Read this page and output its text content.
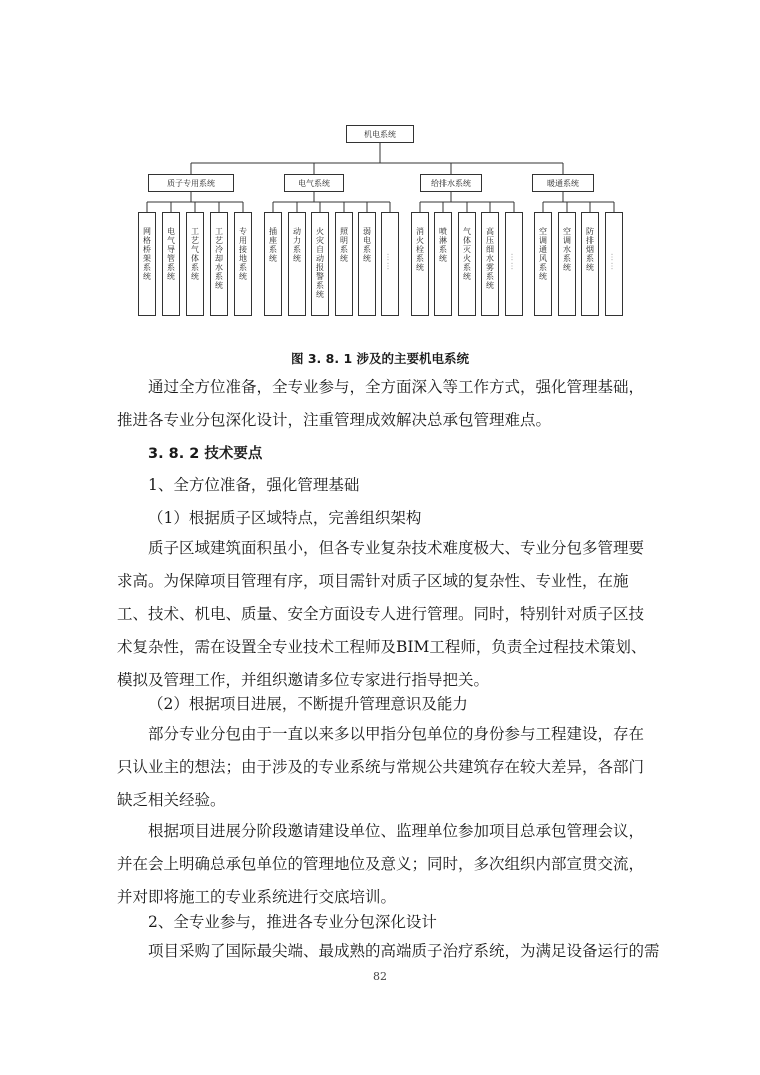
机电系统
质子专用系统	电气系统	给排水系统	暖通系统
网格桥架系统	电气导管系统	工艺气体系统	工艺冷却水系统	专用接地系统	插座系统	动力系统	火灾自动报警系统	照明系统	弱电系统	……	消火栓系统	喷淋系统	气体灭火系统	高压细水雾系统	……	空调通风系统	空调水系统	防排烟系统	……
图 3. 8. 1 涉及的主要机电系统

通过全方位准备，全专业参与，全方面深入等工作方式，强化管理基础，推进各专业分包深化设计，注重管理成效解决总承包管理难点。

3. 8. 2 技术要点
1、全方位准备，强化管理基础
（1）根据质子区域特点，完善组织架构

质子区域建筑面积虽小，但各专业复杂技术难度极大、专业分包多管理要求高。为保障项目管理有序，项目需针对质子区域的复杂性、专业性，在施工、技术、机电、质量、安全方面设专人进行管理。同时，特别针对质子区技术复杂性，需在设置全专业技术工程师及BIM工程师，负责全过程技术策划、模拟及管理工作，并组织邀请多位专家进行指导把关。

（2）根据项目进展，不断提升管理意识及能力

部分专业分包由于一直以来多以甲指分包单位的身份参与工程建设，存在只认业主的想法；由于涉及的专业系统与常规公共建筑存在较大差异，各部门缺乏相关经验。

根据项目进展分阶段邀请建设单位、监理单位参加项目总承包管理会议，并在会上明确总承包单位的管理地位及意义；同时，多次组织内部宣贯交流，并对即将施工的专业系统进行交底培训。

2、全专业参与，推进各专业分包深化设计

项目采购了国际最尖端、最成熟的高端质子治疗系统，为满足设备运行的需

82
